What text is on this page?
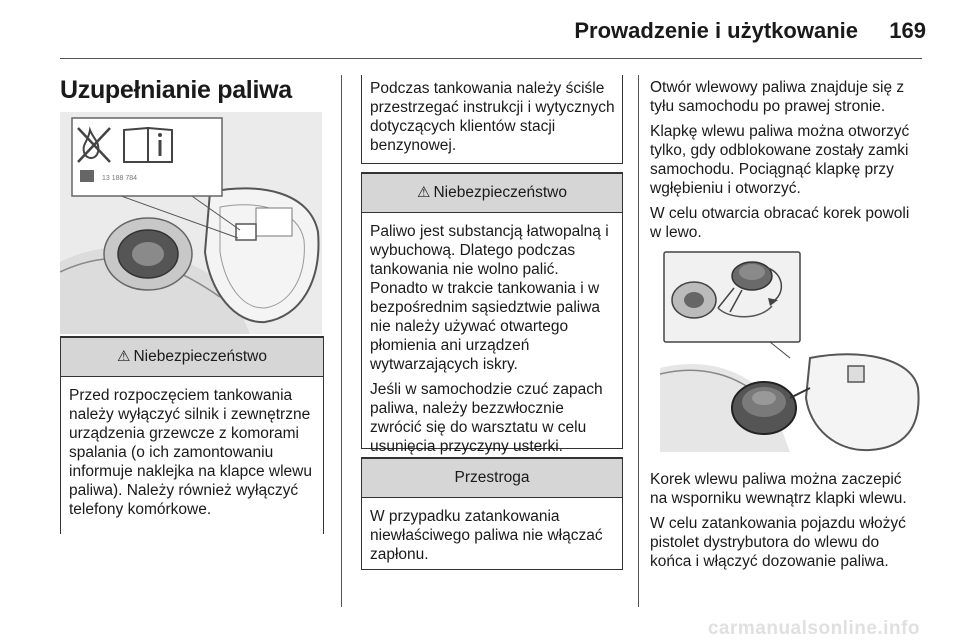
Prowadzenie i użytkowanie 169
Uzupełnianie paliwa
13 188 784
⚠ Niebezpieczeństwo

Przed rozpoczęciem tankowania należy wyłączyć silnik i zewnętrzne urządzenia grzewcze z komorami spalania (o ich zamontowaniu informuje naklejka na klapce wlewu paliwa). Należy również wyłączyć telefony komórkowe.

Podczas tankowania należy ściśle przestrzegać instrukcji i wytycznych dotyczących klientów stacji benzynowej.

⚠ Niebezpieczeństwo

Paliwo jest substancją łatwopalną i wybuchową. Dlatego podczas tankowania nie wolno palić. Ponadto w trakcie tankowania i w bezpośrednim sąsiedztwie paliwa nie należy używać otwartego płomienia ani urządzeń wytwarzających iskry.

Jeśli w samochodzie czuć zapach paliwa, należy bezzwłocznie zwrócić się do warsztatu w celu usunięcia przyczyny usterki.

Przestroga

W przypadku zatankowania niewłaściwego paliwa nie włączać zapłonu.

Otwór wlewowy paliwa znajduje się z tyłu samochodu po prawej stronie.

Klapkę wlewu paliwa można otworzyć tylko, gdy odblokowane zostały zamki samochodu. Pociągnąć klapkę przy wgłębieniu i otworzyć.

W celu otwarcia obracać korek powoli w lewo.

Korek wlewu paliwa można zaczepić na wsporniku wewnątrz klapki wlewu.

W celu zatankowania pojazdu włożyć pistolet dystrybutora do wlewu do końca i włączyć dozowanie paliwa.

carmanualsonline.info
